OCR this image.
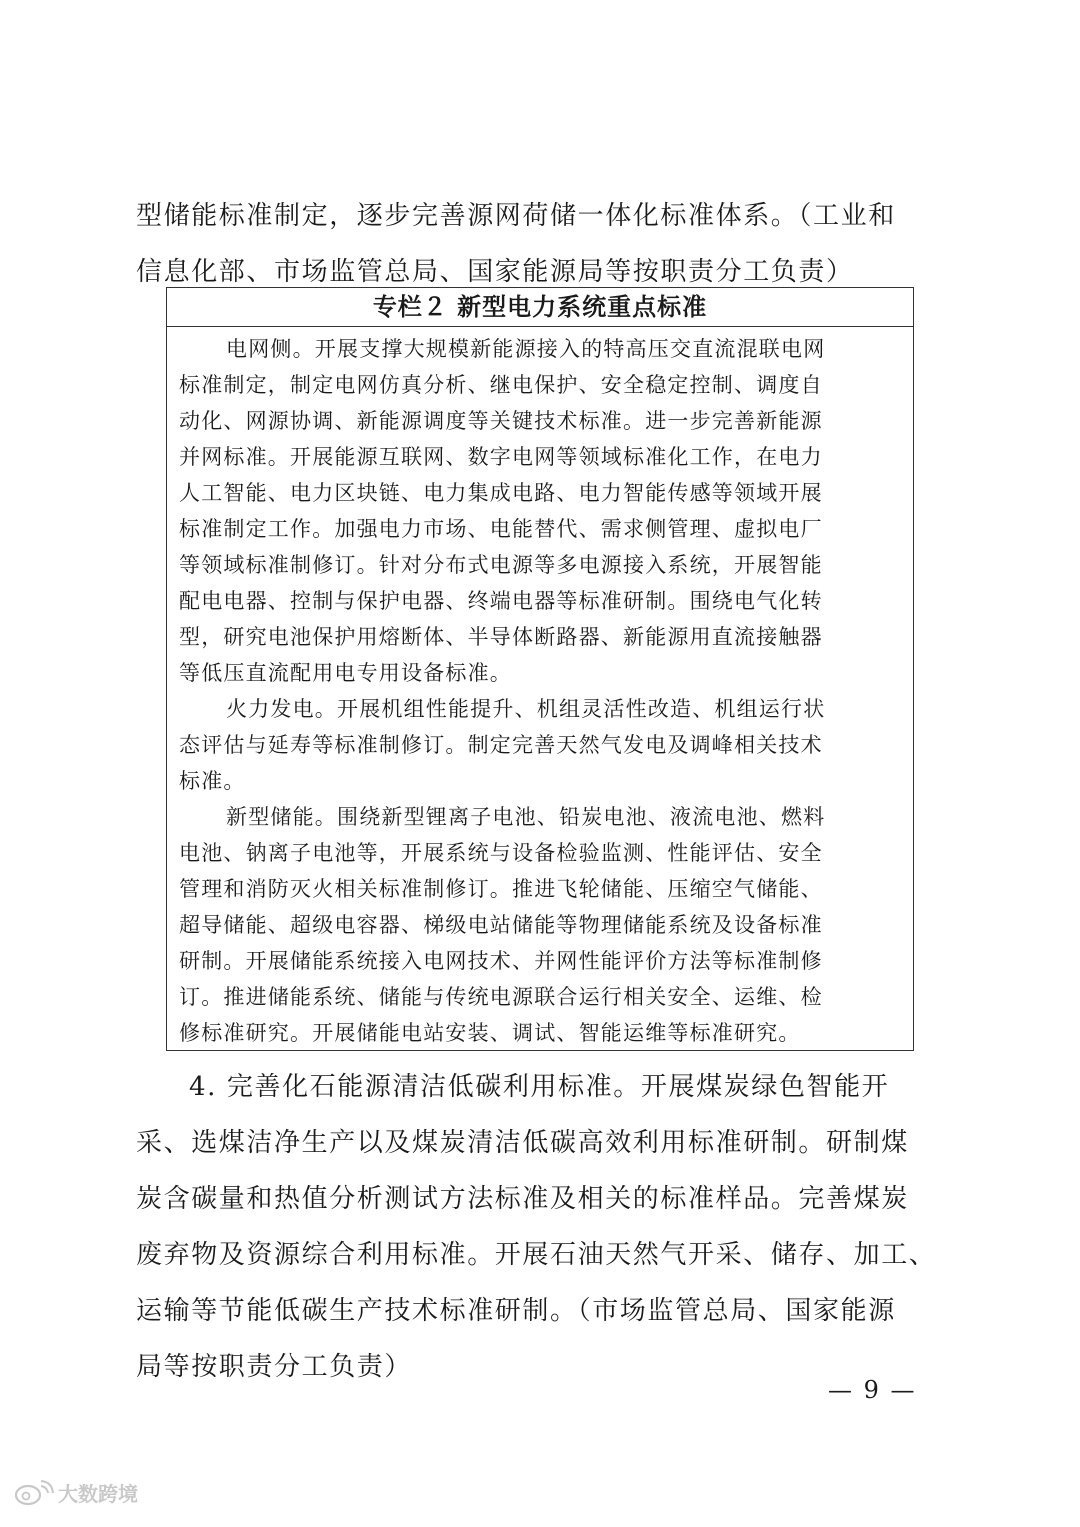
型储能标准制定，逐步完善源网荷储一体化标准体系。（工业和
信息化部、市场监管总局、国家能源局等按职责分工负责）
专栏２ 新型电力系统重点标准
电网侧。开展支撑大规模新能源接入的特高压交直流混联电网
标准制定，制定电网仿真分析、继电保护、安全稳定控制、调度自
动化、网源协调、新能源调度等关键技术标准。进一步完善新能源
并网标准。开展能源互联网、数字电网等领域标准化工作，在电力
人工智能、电力区块链、电力集成电路、电力智能传感等领域开展
标准制定工作。加强电力市场、电能替代、需求侧管理、虚拟电厂
等领域标准制修订。针对分布式电源等多电源接入系统，开展智能
配电电器、控制与保护电器、终端电器等标准研制。围绕电气化转
型，研究电池保护用熔断体、半导体断路器、新能源用直流接触器
等低压直流配用电专用设备标准。
火力发电。开展机组性能提升、机组灵活性改造、机组运行状
态评估与延寿等标准制修订。制定完善天然气发电及调峰相关技术
标准。
新型储能。围绕新型锂离子电池、铅炭电池、液流电池、燃料
电池、钠离子电池等，开展系统与设备检验监测、性能评估、安全
管理和消防灭火相关标准制修订。推进飞轮储能、压缩空气储能、
超导储能、超级电容器、梯级电站储能等物理储能系统及设备标准
研制。开展储能系统接入电网技术、并网性能评价方法等标准制修
订。推进储能系统、储能与传统电源联合运行相关安全、运维、检
修标准研究。开展储能电站安装、调试、智能运维等标准研究。
4. 完善化石能源清洁低碳利用标准。开展煤炭绿色智能开
采、选煤洁净生产以及煤炭清洁低碳高效利用标准研制。研制煤
炭含碳量和热值分析测试方法标准及相关的标准样品。完善煤炭
废弃物及资源综合利用标准。开展石油天然气开采、储存、加工、
运输等节能低碳生产技术标准研制。（市场监管总局、国家能源
局等按职责分工负责）
— 9 —
大数跨境
